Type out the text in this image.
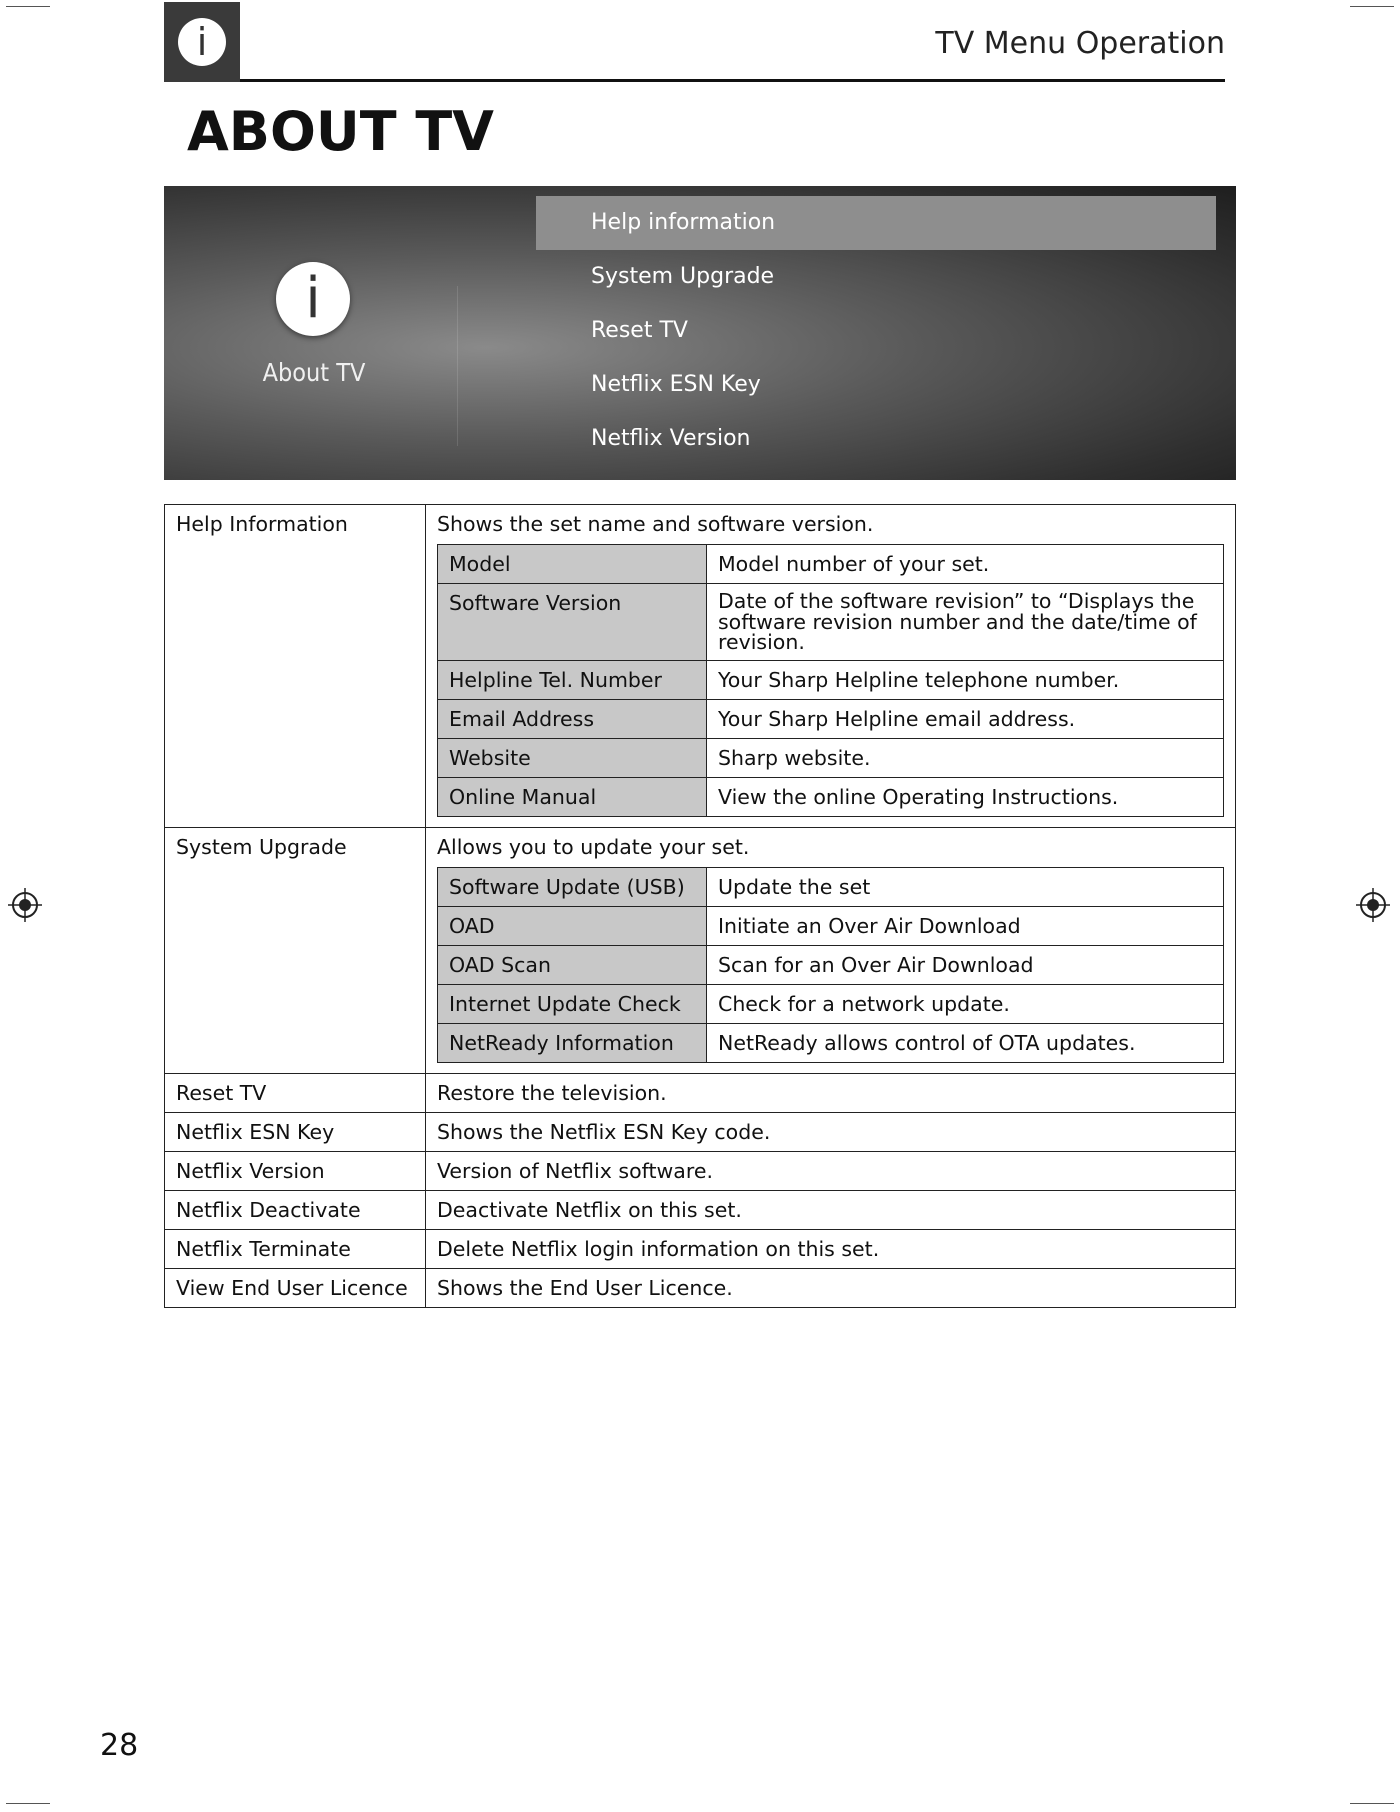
i	TV Menu Operation
ABOUT TV
i
About TV
Help information
System Upgrade
Reset TV
Netflix ESN Key
Netflix Version
Help Information	Shows the set name and software version.
Model	Model number of your set.
Software Version	Date of the software revision” to “Displays the software revision number and the date/time of revision.
Helpline Tel. Number	Your Sharp Helpline telephone number.
Email Address	Your Sharp Helpline email address.
Website	Sharp website.
Online Manual	View the online Operating Instructions.

System Upgrade	Allows you to update your set.
Software Update (USB)	Update the set
OAD	Initiate an Over Air Download
OAD Scan	Scan for an Over Air Download
Internet Update Check	Check for a network update.
NetReady Information	NetReady allows control of OTA updates.

Reset TV	Restore the television.
Netflix ESN Key	Shows the Netflix ESN Key code.
Netflix Version	Version of Netflix software.
Netflix Deactivate	Deactivate Netflix on this set.
Netflix Terminate	Delete Netflix login information on this set.
View End User Licence	Shows the End User Licence.
28
